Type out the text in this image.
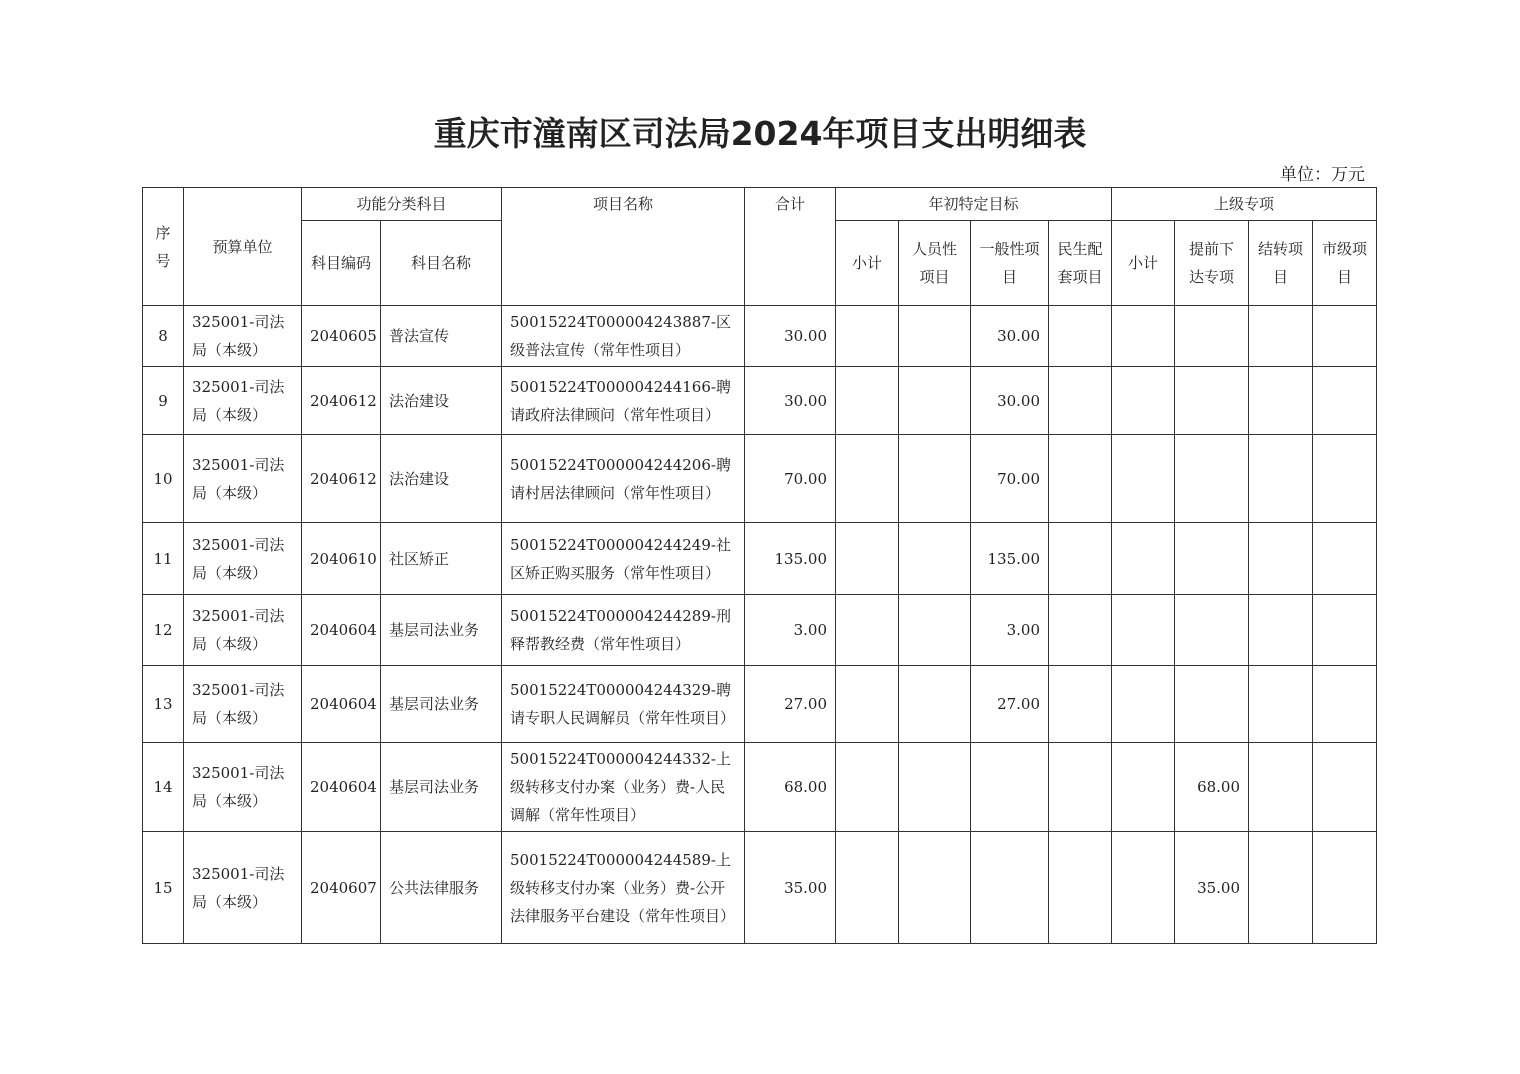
重庆市潼南区司法局2024年项目支出明细表
单位：万元
序号	预算单位	功能分类科目		项目名称	合计	年初特定目标				上级专项			
		科目编码	科目名称			小计	人员性项目	一般性项目	民生配套项目	小计	提前下达专项	结转项目	市级项目
8	325001-司法局（本级）	2040605	普法宣传	50015224T000004243887-区级普法宣传（常年性项目）	30.00			30.00					
9	325001-司法局（本级）	2040612	法治建设	50015224T000004244166-聘请政府法律顾问（常年性项目）	30.00			30.00					
10	325001-司法局（本级）	2040612	法治建设	50015224T000004244206-聘请村居法律顾问（常年性项目）	70.00			70.00					
11	325001-司法局（本级）	2040610	社区矫正	50015224T000004244249-社区矫正购买服务（常年性项目）	135.00			135.00					
12	325001-司法局（本级）	2040604	基层司法业务	50015224T000004244289-刑释帮教经费（常年性项目）	3.00			3.00					
13	325001-司法局（本级）	2040604	基层司法业务	50015224T000004244329-聘请专职人民调解员（常年性项目）	27.00			27.00					
14	325001-司法局（本级）	2040604	基层司法业务	50015224T000004244332-上级转移支付办案（业务）费-人民调解（常年性项目）	68.00						68.00		
15	325001-司法局（本级）	2040607	公共法律服务	50015224T000004244589-上级转移支付办案（业务）费-公开法律服务平台建设（常年性项目）	35.00						35.00		
